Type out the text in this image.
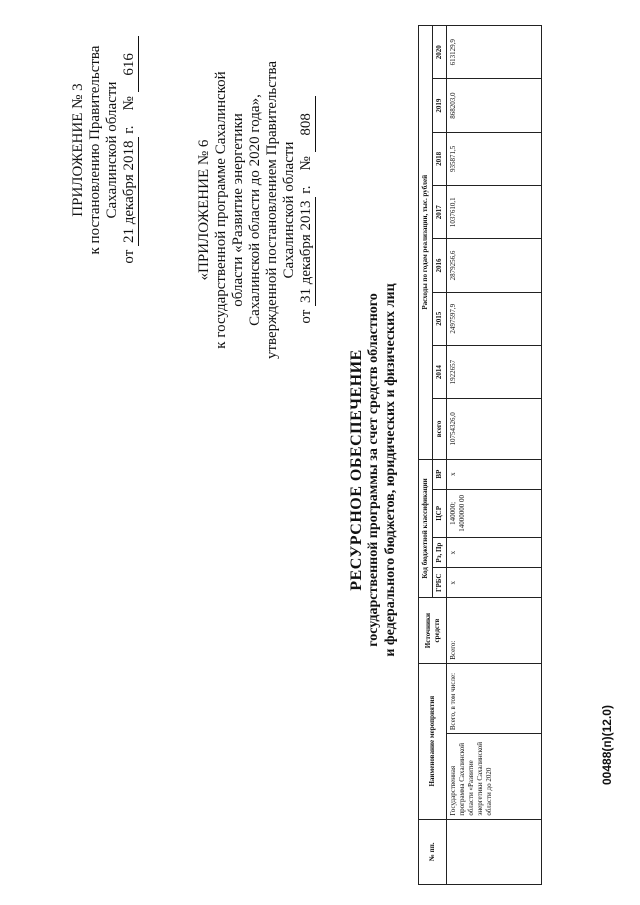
ПРИЛОЖЕНИЕ № 3 к постановлению Правительства Сахалинской области
от 21 декабря 2018 г.    № 616
«ПРИЛОЖЕНИЕ № 6 к государственной программе Сахалинской области «Развитие энергетики Сахалинской области до 2020 года», утвержденной постановлением Правительства Сахалинской области
от 31 декабря 2013 г.    № 808
РЕСУРСНОЕ ОБЕСПЕЧЕНИЕ государственной программы за счет средств областного и федерального бюджетов, юридических и физических лиц
№ пп.	Наименование мероприятия		Источники средств	Код бюджетной классификации				Расходы по годам реализации, тыс. рублей							
				ГРБС	Рз, Пр	ЦСР	ВР	всего	2014	2015	2016	2017	2018	2019	2020
	Государственная программа Сахалинской области «Развитие энергетики Сахалинской области до 2020	Всего, в том числе:	Всего:	х	х	140000; 14000000 00	х	10754326,0	1922657	2497597,9	2879256,6	1037610,1	935871,5	868203,0	613129,9
00488(п)(12.0)
